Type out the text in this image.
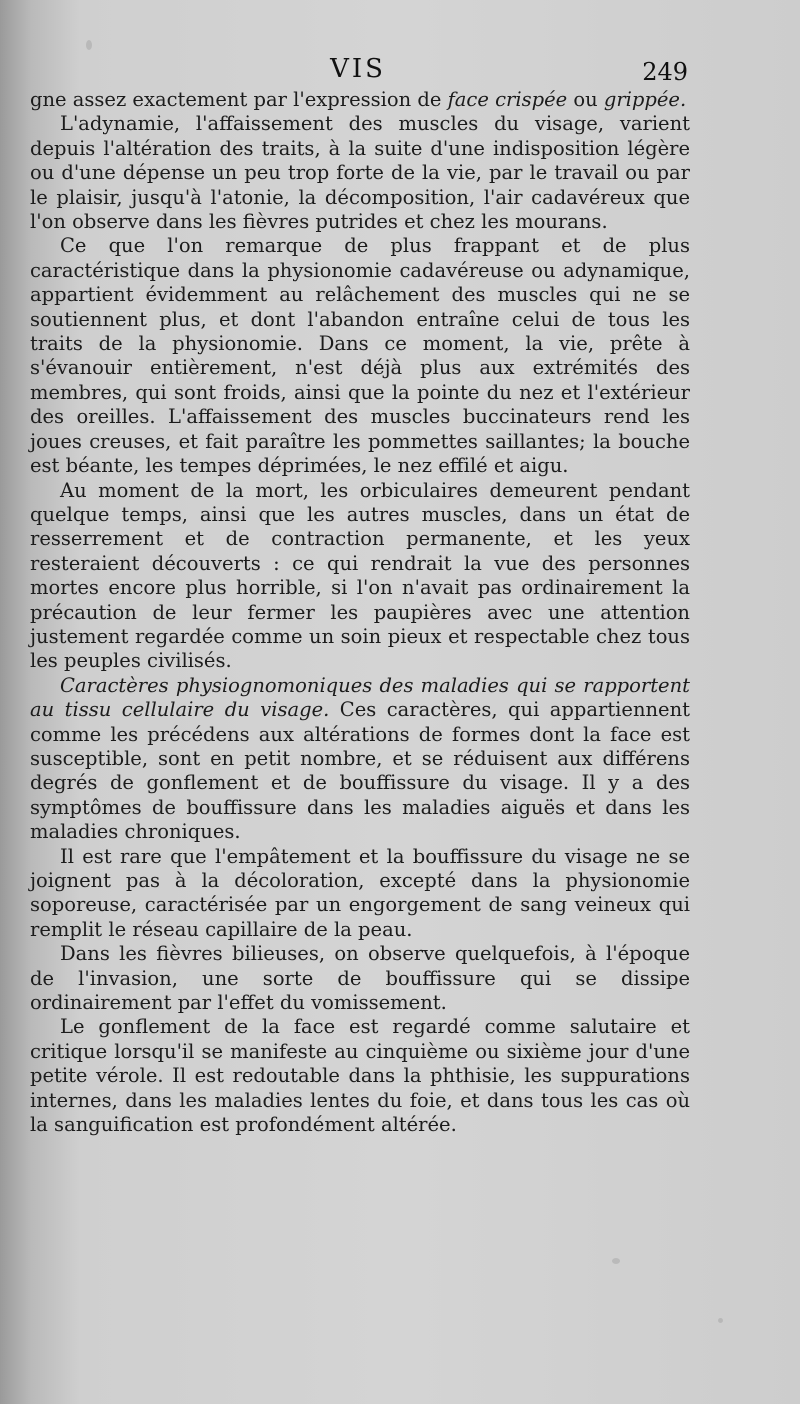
VIS	249

gne assez exactement par l'expression de face crispée ou grippée.

L'adynamie, l'affaissement des muscles du visage, varient depuis l'altération des traits, à la suite d'une indisposition légère ou d'une dépense un peu trop forte de la vie, par le travail ou par le plaisir, jusqu'à l'atonie, la décomposition, l'air cadavéreux que l'on observe dans les fièvres putrides et chez les mourans.

Ce que l'on remarque de plus frappant et de plus caractéristique dans la physionomie cadavéreuse ou adynamique, appartient évidemment au relâchement des muscles qui ne se soutiennent plus, et dont l'abandon entraîne celui de tous les traits de la physionomie. Dans ce moment, la vie, prête à s'évanouir entièrement, n'est déjà plus aux extrémités des membres, qui sont froids, ainsi que la pointe du nez et l'extérieur des oreilles. L'affaissement des muscles buccinateurs rend les joues creuses, et fait paraître les pommettes saillantes; la bouche est béante, les tempes déprimées, le nez effilé et aigu.

Au moment de la mort, les orbiculaires demeurent pendant quelque temps, ainsi que les autres muscles, dans un état de resserrement et de contraction permanente, et les yeux resteraient découverts : ce qui rendrait la vue des personnes mortes encore plus horrible, si l'on n'avait pas ordinairement la précaution de leur fermer les paupières avec une attention justement regardée comme un soin pieux et respectable chez tous les peuples civilisés.

Caractères physiognomoniques des maladies qui se rapportent au tissu cellulaire du visage. Ces caractères, qui appartiennent comme les précédens aux altérations de formes dont la face est susceptible, sont en petit nombre, et se réduisent aux différens degrés de gonflement et de bouffissure du visage. Il y a des symptômes de bouffissure dans les maladies aiguës et dans les maladies chroniques.

Il est rare que l'empâtement et la bouffissure du visage ne se joignent pas à la décoloration, excepté dans la physionomie soporeuse, caractérisée par un engorgement de sang veineux qui remplit le réseau capillaire de la peau.

Dans les fièvres bilieuses, on observe quelquefois, à l'époque de l'invasion, une sorte de bouffissure qui se dissipe ordinairement par l'effet du vomissement.

Le gonflement de la face est regardé comme salutaire et critique lorsqu'il se manifeste au cinquième ou sixième jour d'une petite vérole. Il est redoutable dans la phthisie, les suppurations internes, dans les maladies lentes du foie, et dans tous les cas où la sanguification est profondément altérée.
